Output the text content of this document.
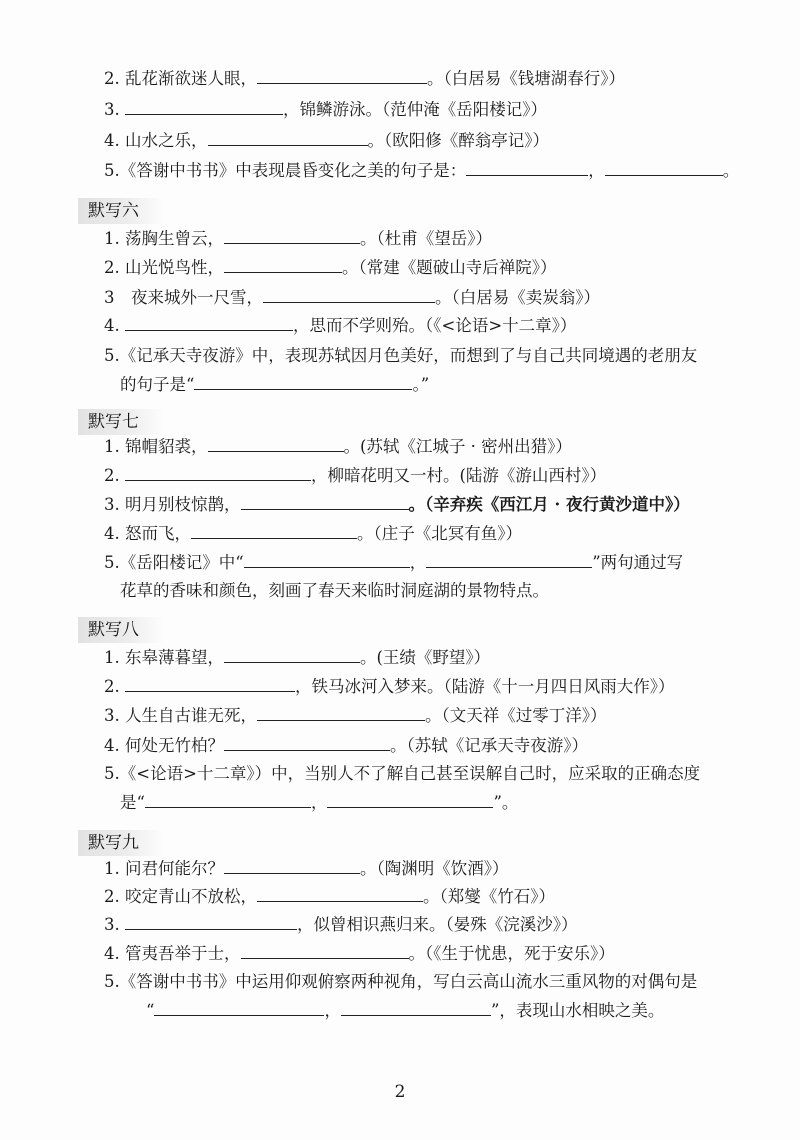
2. 乱花渐欲迷人眼，	。（白居易《钱塘湖春行》）
3.	，锦鳞游泳。（范仲淹《岳阳楼记》）
4. 山水之乐，	。（欧阳修《醉翁亭记》）
5.《答谢中书书》中表现晨昏变化之美的句子是：	，	。
默写六
1. 荡胸生曾云，	。（杜甫《望岳》）
2. 山光悦鸟性，	。（常建《题破山寺后禅院》）
3　夜来城外一尺雪，	。（白居易《卖炭翁》）
4.	，思而不学则殆。（《<论语>十二章》）
5.《记承天寺夜游》中，表现苏轼因月色美好，而想到了与自己共同境遇的老朋友
的句子是“	。”
默写七
1. 锦帽貂裘，	。(苏轼《江城子 · 密州出猎》）
2.	，柳暗花明又一村。(陆游《游山西村》）
3. 明月别枝惊鹊，	。（辛弃疾《西江月 · 夜行黄沙道中》）
4. 怒而飞，	。（庄子《北冥有鱼》）
5.《岳阳楼记》中“	，	”两句通过写
花草的香味和颜色，刻画了春天来临时洞庭湖的景物特点。
默写八
1. 东皋薄暮望，	。(王绩《野望》）
2.	，铁马冰河入梦来。（陆游《十一月四日风雨大作》）
3. 人生自古谁无死，	。（文天祥《过零丁洋》）
4. 何处无竹柏？	。（苏轼《记承天寺夜游》）
5.《<论语>十二章》）中，当别人不了解自己甚至误解自己时，应采取的正确态度
是“	，	”。
默写九
1. 问君何能尔？	。（陶渊明《饮酒》）
2. 咬定青山不放松，	。（郑燮《竹石》）
3.	，似曾相识燕归来。（晏殊《浣溪沙》）
4. 管夷吾举于士，	。（《生于忧患，死于安乐》）
5.《答谢中书书》中运用仰观俯察两种视角，写白云高山流水三重风物的对偶句是
“	，	”，表现山水相映之美。
2
